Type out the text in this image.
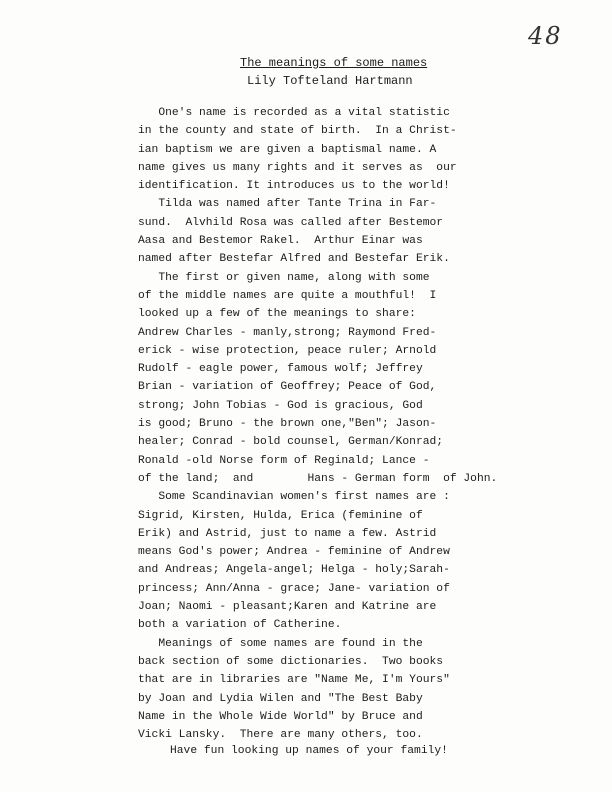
48
The meanings of some names
Lily Tofteland Hartmann
One's name is recorded as a vital statistic
in the county and state of birth.  In a Christ-
ian baptism we are given a baptismal name. A
name gives us many rights and it serves as  our
identification. It introduces us to the world!
Tilda was named after Tante Trina in Far-
sund.  Alvhild Rosa was called after Bestemor
Aasa and Bestemor Rakel.  Arthur Einar was
named after Bestefar Alfred and Bestefar Erik.
The first or given name, along with some
of the middle names are quite a mouthful!  I
looked up a few of the meanings to share:
Andrew Charles - manly,strong; Raymond Fred-
erick - wise protection, peace ruler; Arnold
Rudolf - eagle power, famous wolf; Jeffrey
Brian - variation of Geoffrey; Peace of God,
strong; John Tobias - God is gracious, God
is good; Bruno - the brown one,"Ben"; Jason-
healer; Conrad - bold counsel, German/Konrad;
Ronald -old Norse form of Reginald; Lance -
of the land;  and        Hans - German form  of John.
Some Scandinavian women's first names are :
Sigrid, Kirsten, Hulda, Erica (feminine of
Erik) and Astrid, just to name a few. Astrid
means God's power; Andrea - feminine of Andrew
and Andreas; Angela-angel; Helga - holy;Sarah-
princess; Ann/Anna - grace; Jane- variation of
Joan; Naomi - pleasant;Karen and Katrine are
both a variation of Catherine.
Meanings of some names are found in the
back section of some dictionaries.  Two books
that are in libraries are "Name Me, I'm Yours"
by Joan and Lydia Wilen and "The Best Baby
Name in the Whole Wide World" by Bruce and
Vicki Lansky.  There are many others, too.
Have fun looking up names of your family!
